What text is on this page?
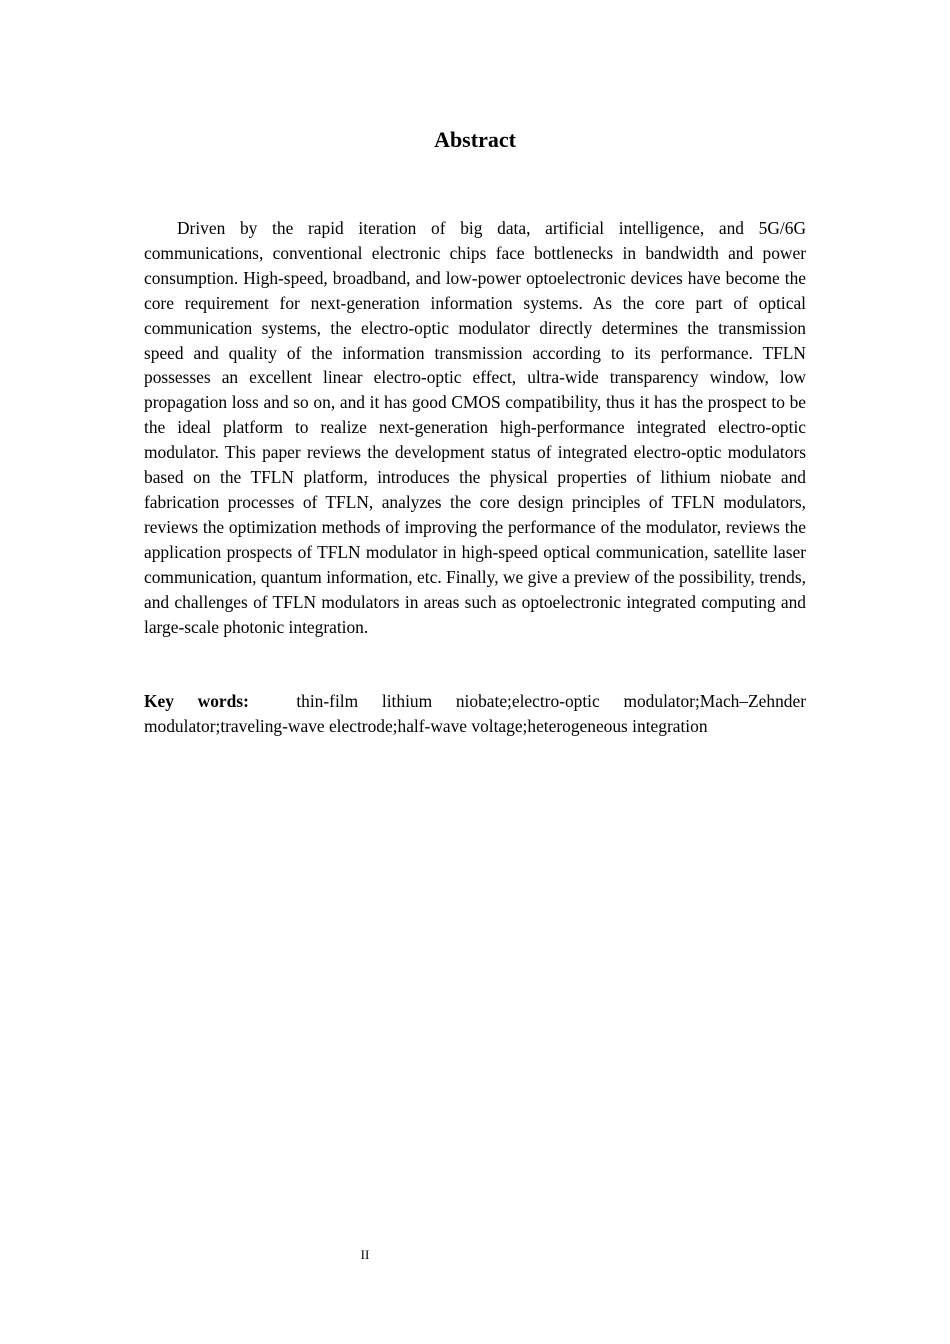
Abstract

Driven by the rapid iteration of big data, artificial intelligence, and 5G/6G communications, conventional electronic chips face bottlenecks in bandwidth and power consumption. High-speed, broadband, and low-power optoelectronic devices have become the core requirement for next-generation information systems. As the core part of optical communication systems, the electro-optic modulator directly determines the transmission speed and quality of the information transmission according to its performance. TFLN possesses an excellent linear electro-optic effect, ultra-wide transparency window, low propagation loss and so on, and it has good CMOS compatibility, thus it has the prospect to be the ideal platform to realize next-generation high-performance integrated electro-optic modulator. This paper reviews the development status of integrated electro-optic modulators based on the TFLN platform, introduces the physical properties of lithium niobate and fabrication processes of TFLN, analyzes the core design principles of TFLN modulators, reviews the optimization methods of improving the performance of the modulator, reviews the application prospects of TFLN modulator in high-speed optical communication, satellite laser communication, quantum information, etc. Finally, we give a preview of the possibility, trends, and challenges of TFLN modulators in areas such as optoelectronic integrated computing and large-scale photonic integration.

Key words:	thin-film lithium niobate;electro-optic modulator;Mach–Zehnder modulator;traveling-wave electrode;half-wave voltage;heterogeneous integration

II
